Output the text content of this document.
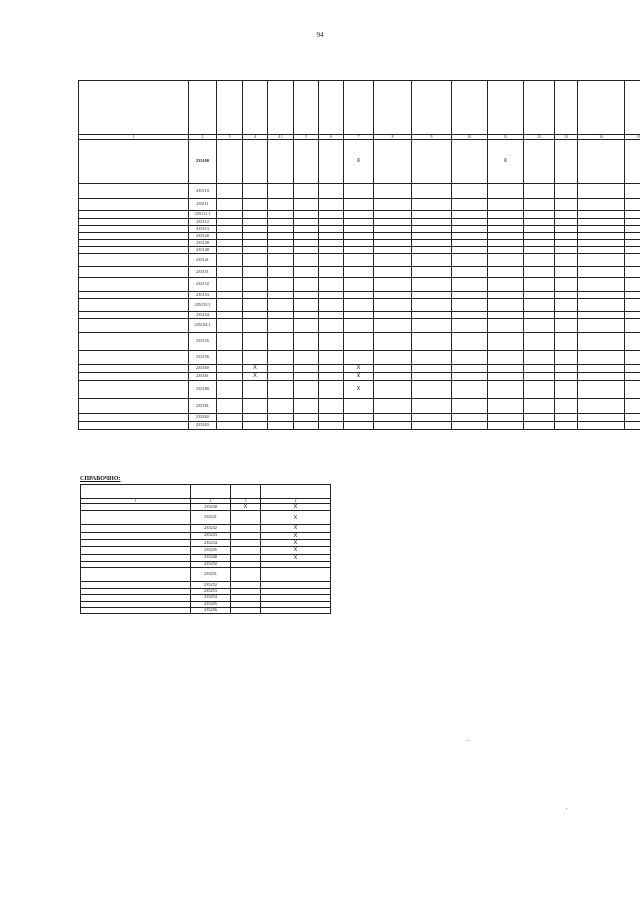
94

1	2	3	4	4.1	5	6	7	8	9	10	11	12	13	14	15
	235100						X				X				
	235110														
	235111														
	235111.1														
	235112														
	235113														
	235120														
	235130														
	235140														
	235141														
	235151														
	235152														
	235153														
	235153.1														
	235154														
	235154.1														
	235155														
	235156														
	235160		X				X								
	235161		X				X								
	235180						X								
	235181														
	235182														
	235183														
СПРАВОЧНО:

1	2	3	4
	235230	X	X
	235231		X
	235232		X
	235233		X
	235234		X
	235235		X
	235240		X
	235250		
	235251		
	235252		
	235253		
	235254		
	235255		
	235256		
